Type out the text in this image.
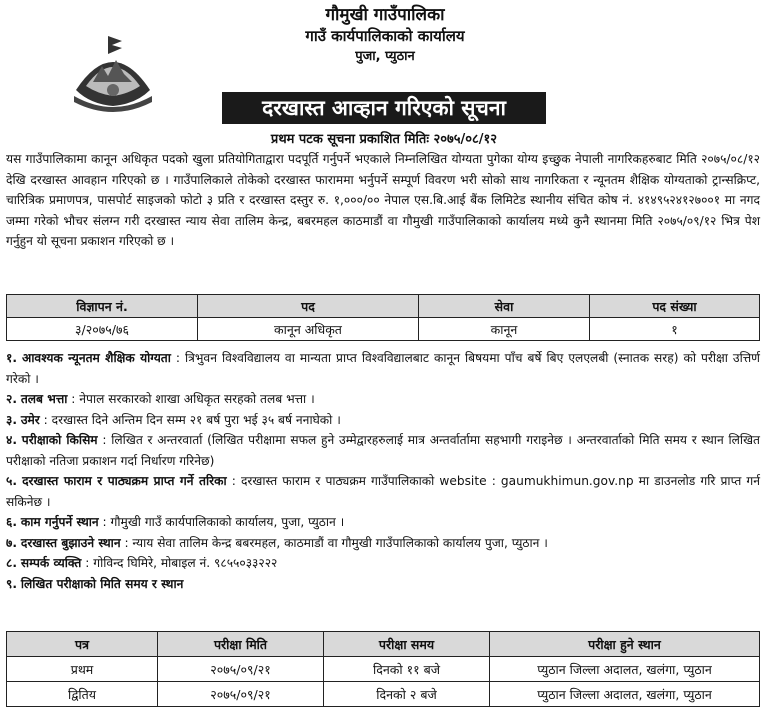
गौमुखी गाउँपालिका
गाउँ कार्यपालिकाको कार्यालय
पुजा, प्युठान
दरखास्त आव्हान गरिएको सूचना
प्रथम पटक सूचना प्रकाशित मितिः २०७५/०८/१२
यस गाउँपालिकामा कानून अधिकृत पदको खुला प्रतियोगिताद्वारा पदपूर्ति गर्नुपर्ने भएकाले निम्नलिखित योग्यता पुगेका योग्य इच्छुक नेपाली नागरिकहरुबाट मिति २०७५/०८/१२ देखि दरखास्त आवहान गरिएको छ । गाउँपालिकाले तोकेको दरखास्त फाराममा भर्नुपर्ने सम्पूर्ण विवरण भरी सोको साथ नागरिकता र न्यूनतम शैक्षिक योग्यताको ट्रान्सक्रिप्ट, चारित्रिक प्रमाणपत्र, पासपोर्ट साइजको फोटो ३ प्रति र दरखास्त दस्तुर रु. १,०००/०० नेपाल एस.बि.आई बैंक लिमिटेड स्थानीय संचित कोष नं. ४१४९५२४१२७००१ मा नगद जम्मा गरेको भौचर संलग्न गरी दरखास्त न्याय सेवा तालिम केन्द्र, बबरमहल काठमाडौं वा गौमुखी गाउँपालिकाको कार्यालय मध्ये कुनै स्थानमा मिति २०७५/०९/१२ भित्र पेश गर्नुहुन यो सूचना प्रकाशन गरिएको छ ।
विज्ञापन नं.	पद	सेवा	पद संख्या
३/२०७५/७६	कानून अधिकृत	कानून	१
१. आवश्यक न्यूनतम शैक्षिक योग्यता : त्रिभुवन विश्वविद्यालय वा मान्यता प्राप्त विश्वविद्यालबाट कानून बिषयमा पाँच बर्षे बिए एलएलबी (स्नातक सरह) को परीक्षा उत्तिर्ण गरेको ।
२. तलब भत्ता : नेपाल सरकारको शाखा अधिकृत सरहको तलब भत्ता ।
३. उमेर : दरखास्त दिने अन्तिम दिन सम्म २१ बर्ष पुरा भई ३५ बर्ष ननाघेको ।
४. परीक्षाको किसिम : लिखित र अन्तरवार्ता (लिखित परीक्षामा सफल हुने उम्मेद्वारहरुलाई मात्र अन्तर्वार्तामा सहभागी गराइनेछ । अन्तरवार्ताको मिति समय र स्थान लिखित परीक्षाको नतिजा प्रकाशन गर्दा निर्धारण गरिनेछ)
५. दरखास्त फाराम र पाठ्यक्रम प्राप्त गर्ने तरिका : दरखास्त फाराम र पाठ्यक्रम गाउँपालिकाको website : gaumukhimun.gov.np मा डाउनलोड गरि प्राप्त गर्न सकिनेछ ।
६. काम गर्नुपर्ने स्थान : गौमुखी गाउँ कार्यपालिकाको कार्यालय, पुजा, प्युठान ।
७. दरखास्त बुझाउने स्थान : न्याय सेवा तालिम केन्द्र बबरमहल, काठमाडौं वा गौमुखी गाउँपालिकाको कार्यालय पुजा, प्युठान ।
८. सम्पर्क व्यक्ति : गोविन्द घिमिरे, मोबाइल नं. ९८५५०३३२२२
९. लिखित परीक्षाको मिति समय र स्थान
पत्र	परीक्षा मिति	परीक्षा समय	परीक्षा हुने स्थान
प्रथम	२०७५/०९/२१	दिनको ११ बजे	प्युठान जिल्ला अदालत, खलंगा, प्युठान
द्वितिय	२०७५/०९/२१	दिनको २ बजे	प्युठान जिल्ला अदालत, खलंगा, प्युठान
